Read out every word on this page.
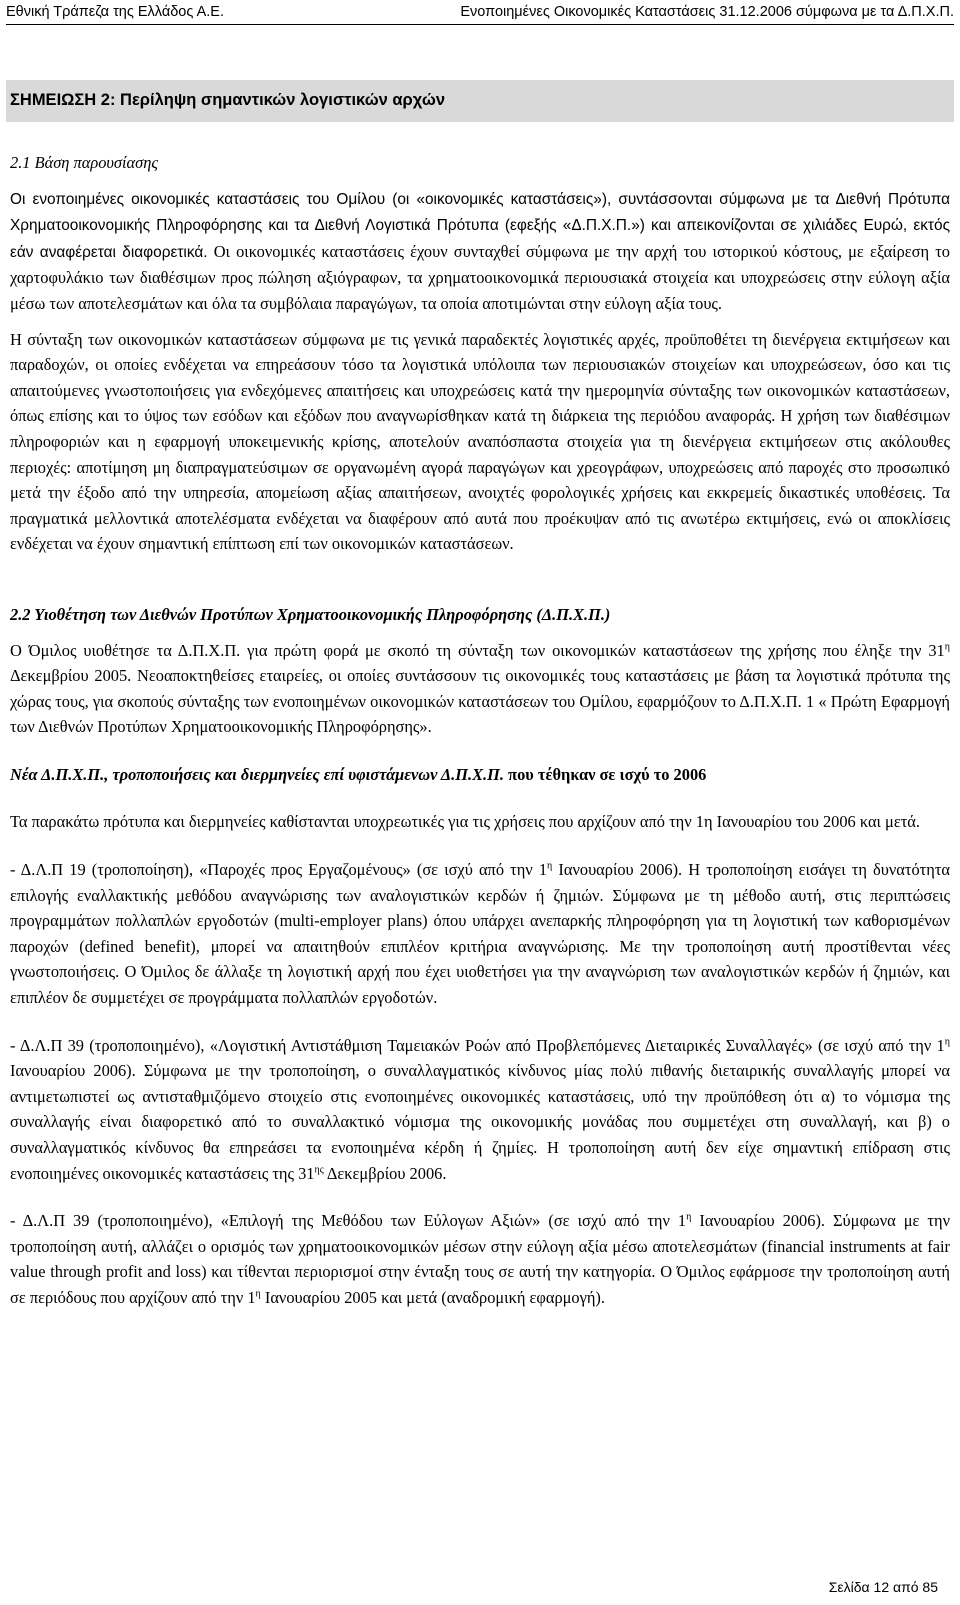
Εθνική Τράπεζα της Ελλάδος Α.Ε.	Ενοποιημένες Οικονομικές Καταστάσεις 31.12.2006 σύμφωνα με τα Δ.Π.Χ.Π.
ΣΗΜΕΙΩΣΗ 2: Περίληψη σημαντικών λογιστικών αρχών

2.1 Βάση παρουσίασης

Οι ενοποιημένες οικονομικές καταστάσεις του Ομίλου (οι «οικονομικές καταστάσεις»), συντάσσονται σύμφωνα με τα Διεθνή Πρότυπα Χρηματοοικονομικής Πληροφόρησης και τα Διεθνή Λογιστικά Πρότυπα (εφεξής «Δ.Π.Χ.Π.») και απεικονίζονται σε χιλιάδες Ευρώ, εκτός εάν αναφέρεται διαφορετικά. Οι οικονομικές καταστάσεις έχουν συνταχθεί σύμφωνα με την αρχή του ιστορικού κόστους, με εξαίρεση το χαρτοφυλάκιο των διαθέσιμων προς πώληση αξιόγραφων, τα χρηματοοικονομικά περιουσιακά στοιχεία και υποχρεώσεις στην εύλογη αξία μέσω των αποτελεσμάτων και όλα τα συμβόλαια παραγώγων, τα οποία αποτιμώνται στην εύλογη αξία τους.

Η σύνταξη των οικονομικών καταστάσεων σύμφωνα με τις γενικά παραδεκτές λογιστικές αρχές, προϋποθέτει τη διενέργεια εκτιμήσεων και παραδοχών, οι οποίες ενδέχεται να επηρεάσουν τόσο τα λογιστικά υπόλοιπα των περιουσιακών στοιχείων και υποχρεώσεων, όσο και τις απαιτούμενες γνωστοποιήσεις για ενδεχόμενες απαιτήσεις και υποχρεώσεις κατά την ημερομηνία σύνταξης των οικονομικών καταστάσεων, όπως επίσης και το ύψος των εσόδων και εξόδων που αναγνωρίσθηκαν κατά τη διάρκεια της περιόδου αναφοράς. Η χρήση των διαθέσιμων πληροφοριών και η εφαρμογή υποκειμενικής κρίσης, αποτελούν αναπόσπαστα στοιχεία για τη διενέργεια εκτιμήσεων στις ακόλουθες περιοχές: αποτίμηση μη διαπραγματεύσιμων σε οργανωμένη αγορά παραγώγων και χρεογράφων, υποχρεώσεις από παροχές στο προσωπικό μετά την έξοδο από την υπηρεσία, απομείωση αξίας απαιτήσεων, ανοιχτές φορολογικές χρήσεις και εκκρεμείς δικαστικές υποθέσεις. Τα πραγματικά μελλοντικά αποτελέσματα ενδέχεται να διαφέρουν από αυτά που προέκυψαν από τις ανωτέρω εκτιμήσεις, ενώ οι αποκλίσεις ενδέχεται να έχουν σημαντική επίπτωση επί των οικονομικών καταστάσεων.

2.2 Υιοθέτηση των Διεθνών Προτύπων Χρηματοοικονομικής Πληροφόρησης (Δ.Π.Χ.Π.)

Ο Όμιλος υιοθέτησε τα Δ.Π.Χ.Π. για πρώτη φορά με σκοπό τη σύνταξη των οικονομικών καταστάσεων της χρήσης που έληξε την $31^\eta$ Δεκεμβρίου 2005. Νεοαποκτηθείσες εταιρείες, οι οποίες συντάσσουν τις οικονομικές τους καταστάσεις με βάση τα λογιστικά πρότυπα της χώρας τους, για σκοπούς σύνταξης των ενοποιημένων οικονομικών καταστάσεων του Ομίλου, εφαρμόζουν το Δ.Π.Χ.Π. 1 « Πρώτη Εφαρμογή των Διεθνών Προτύπων Χρηματοοικονομικής Πληροφόρησης».

Νέα Δ.Π.Χ.Π., τροποποιήσεις και διερμηνείες επί υφιστάμενων Δ.Π.Χ.Π. που τέθηκαν σε ισχύ το 2006

Τα παρακάτω πρότυπα και διερμηνείες καθίστανται υποχρεωτικές για τις χρήσεις που αρχίζουν από την 1η Ιανουαρίου του 2006 και μετά.

- Δ.Λ.Π 19 (τροποποίηση), «Παροχές προς Εργαζομένους» (σε ισχύ από την $1^\eta$ Ιανουαρίου 2006). Η τροποποίηση εισάγει τη δυνατότητα επιλογής εναλλακτικής μεθόδου αναγνώρισης των αναλογιστικών κερδών ή ζημιών. Σύμφωνα με τη μέθοδο αυτή, στις περιπτώσεις προγραμμάτων πολλαπλών εργοδοτών (multi-employer plans) όπου υπάρχει ανεπαρκής πληροφόρηση για τη λογιστική των καθορισμένων παροχών (defined benefit), μπορεί να απαιτηθούν επιπλέον κριτήρια αναγνώρισης. Με την τροποποίηση αυτή προστίθενται νέες γνωστοποιήσεις. Ο Όμιλος δε άλλαξε τη λογιστική αρχή που έχει υιοθετήσει για την αναγνώριση των αναλογιστικών κερδών ή ζημιών, και επιπλέον δε συμμετέχει σε προγράμματα πολλαπλών εργοδοτών.

- Δ.Λ.Π 39 (τροποποιημένο), «Λογιστική Αντιστάθμιση Ταμειακών Ροών από Προβλεπόμενες Διεταιρικές Συναλλαγές» (σε ισχύ από την $1^\eta$ Ιανουαρίου 2006). Σύμφωνα με την τροποποίηση, ο συναλλαγματικός κίνδυνος μίας πολύ πιθανής διεταιρικής συναλλαγής μπορεί να αντιμετωπιστεί ως αντισταθμιζόμενο στοιχείο στις ενοποιημένες οικονομικές καταστάσεις, υπό την προϋπόθεση ότι α) το νόμισμα της συναλλαγής είναι διαφορετικό από το συναλλακτικό νόμισμα της οικονομικής μονάδας που συμμετέχει στη συναλλαγή, και β) ο συναλλαγματικός κίνδυνος θα επηρεάσει τα ενοποιημένα κέρδη ή ζημίες. Η τροποποίηση αυτή δεν είχε σημαντική επίδραση στις ενοποιημένες οικονομικές καταστάσεις της $31^{\eta\varsigma}$ Δεκεμβρίου 2006.

- Δ.Λ.Π 39 (τροποποιημένο), «Επιλογή της Μεθόδου των Εύλογων Αξιών» (σε ισχύ από την $1^\eta$ Ιανουαρίου 2006). Σύμφωνα με την τροποποίηση αυτή, αλλάζει ο ορισμός των χρηματοοικονομικών μέσων στην εύλογη αξία μέσω αποτελεσμάτων (financial instruments at fair value through profit and loss) και τίθενται περιορισμοί στην ένταξη τους σε αυτή την κατηγορία. Ο Όμιλος εφάρμοσε την τροποποίηση αυτή σε περιόδους που αρχίζουν από την $1^\eta$ Ιανουαρίου 2005 και μετά (αναδρομική εφαρμογή).

Σελίδα 12 από 85
